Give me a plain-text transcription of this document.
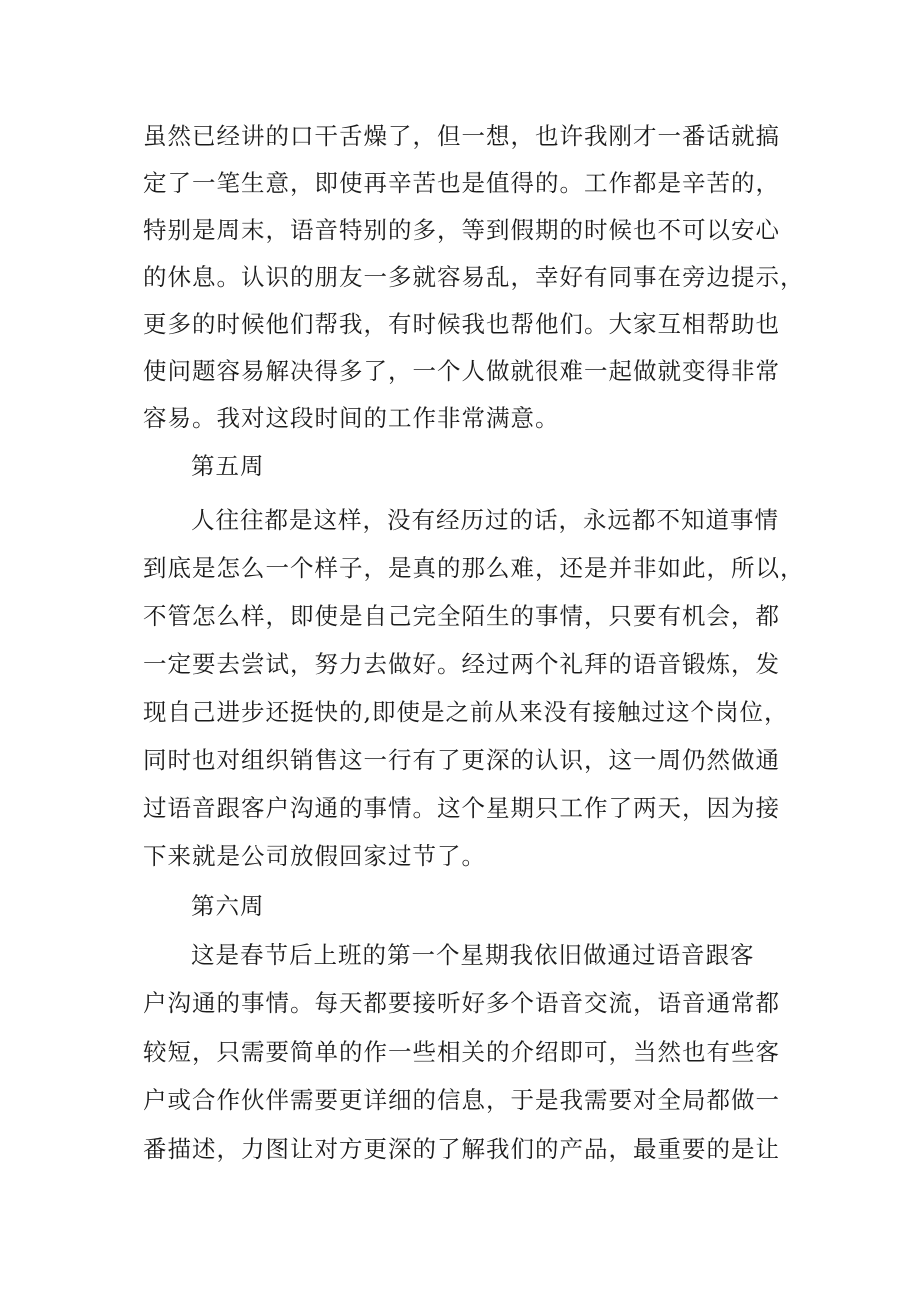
虽然已经讲的口干舌燥了，但一想，也许我刚才一番话就搞
定了一笔生意，即使再辛苦也是值得的。工作都是辛苦的，
特别是周末，语音特别的多，等到假期的时候也不可以安心
的休息。认识的朋友一多就容易乱，幸好有同事在旁边提示，
更多的时候他们帮我，有时候我也帮他们。大家互相帮助也
使问题容易解决得多了，一个人做就很难一起做就变得非常
容易。我对这段时间的工作非常满意。
第五周
人往往都是这样，没有经历过的话，永远都不知道事情
到底是怎么一个样子，是真的那么难，还是并非如此，所以，
不管怎么样，即使是自己完全陌生的事情，只要有机会，都
一定要去尝试，努力去做好。经过两个礼拜的语音锻炼，发
现自己进步还挺快的,即使是之前从来没有接触过这个岗位，
同时也对组织销售这一行有了更深的认识，这一周仍然做通
过语音跟客户沟通的事情。这个星期只工作了两天，因为接
下来就是公司放假回家过节了。
第六周
这是春节后上班的第一个星期我依旧做通过语音跟客
户沟通的事情。每天都要接听好多个语音交流，语音通常都
较短，只需要简单的作一些相关的介绍即可，当然也有些客
户或合作伙伴需要更详细的信息，于是我需要对全局都做一
番描述，力图让对方更深的了解我们的产品，最重要的是让
